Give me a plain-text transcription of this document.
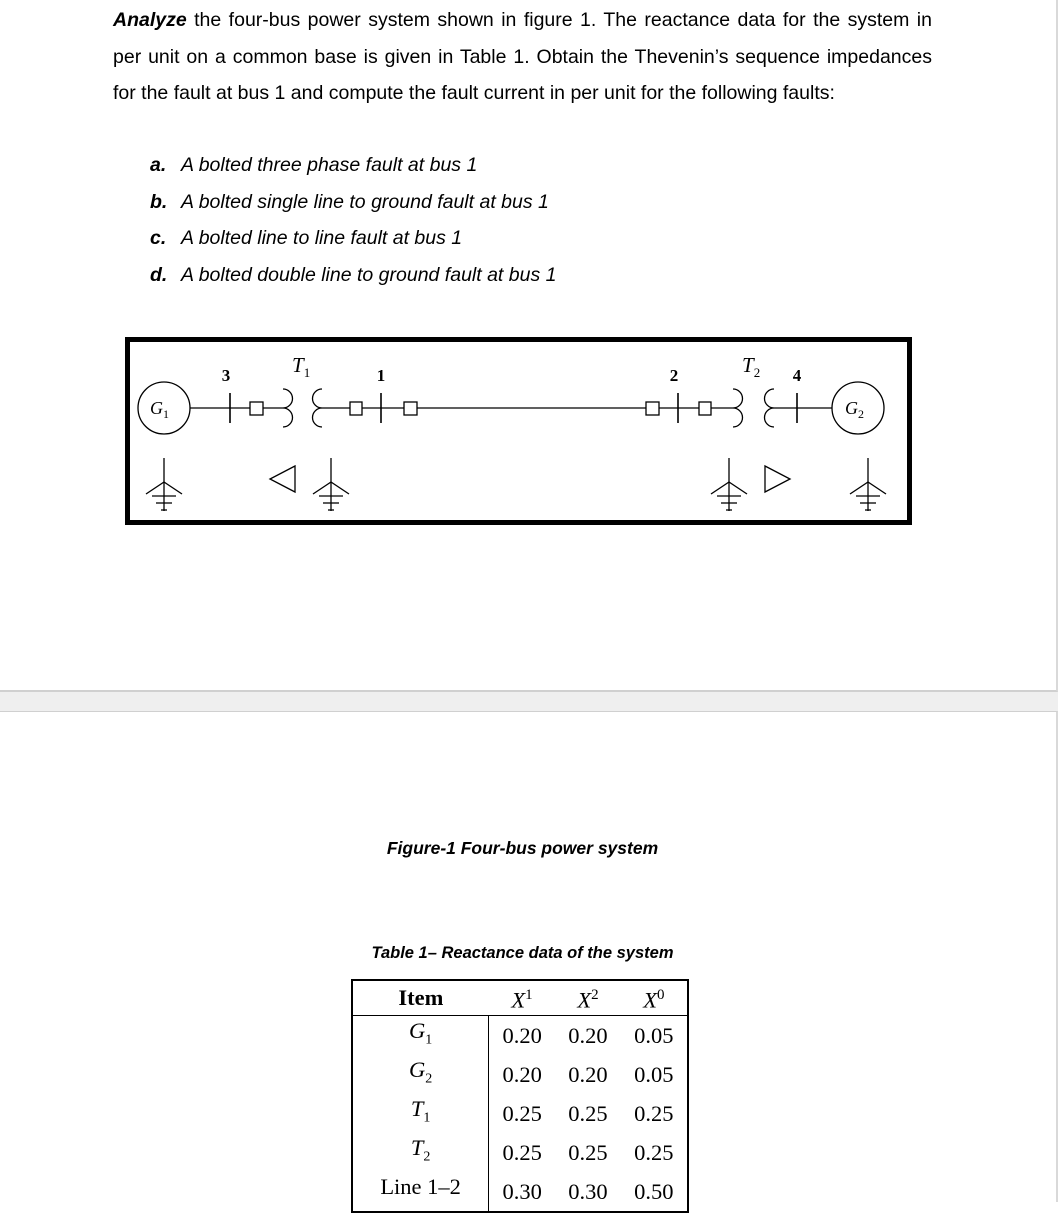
Analyze the four-bus power system shown in figure 1. The reactance data for the system in per unit on a common base is given in Table 1. Obtain the Thevenin’s sequence impedances for the fault at bus 1 and compute the fault current in per unit for the following faults:

a. A bolted three phase fault at bus 1
b. A bolted single line to ground fault at bus 1
c. A bolted line to line fault at bus 1
d. A bolted double line to ground fault at bus 1
3	1	2	4
$T_1$	$T_2$
$G_1$	$G_2$
Figure-1 Four-bus power system
Table 1– Reactance data of the system
Item	$X^1$	$X^2$	$X^0$
$G_1$	0.20	0.20	0.05
$G_2$	0.20	0.20	0.05
$T_1$	0.25	0.25	0.25
$T_2$	0.25	0.25	0.25
Line 1–2	0.30	0.30	0.50
